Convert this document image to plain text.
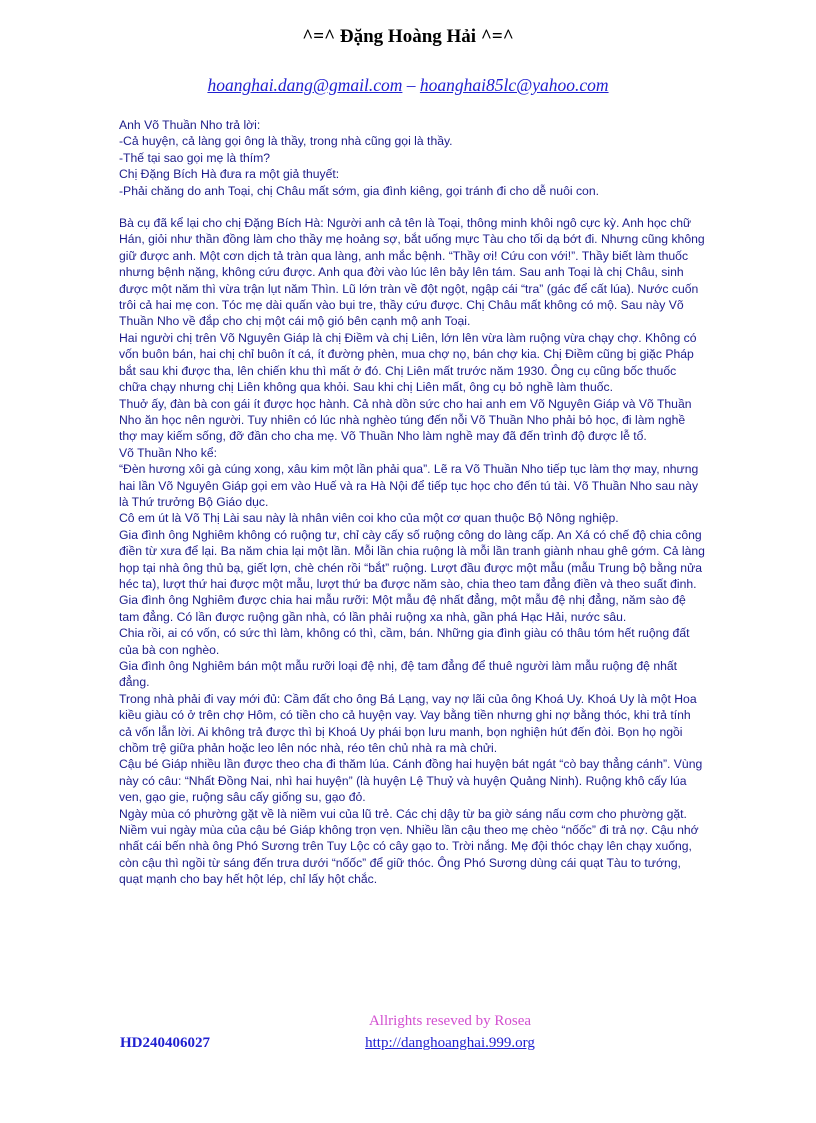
^=^ Đặng Hoàng Hải ^=^
hoanghai.dang@gmail.com – hoanghai85lc@yahoo.com

Anh Võ Thuần Nho trả lời:

-Cả huyện, cả làng gọi ông là thầy, trong nhà cũng gọi là thầy.

-Thế tại sao gọi mẹ là thím?

Chị Đặng Bích Hà đưa ra một giả thuyết:

-Phải chăng do anh Toại, chị Châu mất sớm, gia đình kiêng, gọi tránh đi cho dễ nuôi con.

Bà cụ đã kể lại cho chị Đặng Bích Hà: Người anh cả tên là Toại, thông minh khôi ngô cực kỳ. Anh học chữ Hán, giỏi như thần đồng làm cho thầy mẹ hoảng sợ, bắt uống mực Tàu cho tối dạ bớt đi. Nhưng cũng không giữ được anh. Một cơn dịch tả tràn qua làng, anh mắc bệnh. “Thầy ơi! Cứu con với!”. Thầy biết làm thuốc nhưng bệnh nặng, không cứu được. Anh qua đời vào lúc lên bảy lên tám. Sau anh Toại là chị Châu, sinh được một năm thì vừa trận lụt năm Thìn. Lũ lớn tràn về đột ngột, ngập cái “tra” (gác để cất lúa). Nước cuốn trôi cả hai mẹ con. Tóc mẹ dài quấn vào bụi tre, thầy cứu được. Chị Châu mất không có mộ. Sau này Võ Thuần Nho về đắp cho chị một cái mộ gió bên cạnh mộ anh Toại.

Hai người chị trên Võ Nguyên Giáp là chị Điềm và chị Liên, lớn lên vừa làm ruộng vừa chạy chợ. Không có vốn buôn bán, hai chị chỉ buôn ít cá, ít đường phèn, mua chợ nọ, bán chợ kia. Chị Điềm cũng bị giặc Pháp bắt sau khi được tha, lên chiến khu thì mất ở đó. Chị Liên mất trước năm 1930. Ông cụ cũng bốc thuốc chữa chạy nhưng chị Liên không qua khỏi. Sau khi chị Liên mất, ông cụ bỏ nghề làm thuốc.

Thuở ấy, đàn bà con gái ít được học hành. Cả nhà dồn sức cho hai anh em Võ Nguyên Giáp và Võ Thuần Nho ăn học nên người. Tuy nhiên có lúc nhà nghèo túng đến nỗi Võ Thuần Nho phải bỏ học, đi làm nghề thợ may kiếm sống, đỡ đần cho cha mẹ. Võ Thuần Nho làm nghề may đã đến trình độ được lễ tổ.

Võ Thuần Nho kể:

“Đèn hương xôi gà cúng xong, xâu kim một lần phải qua”. Lẽ ra Võ Thuần Nho tiếp tục làm thợ may, nhưng hai lần Võ Nguyên Giáp gọi em vào Huế và ra Hà Nội để tiếp tục học cho đến tú tài. Võ Thuần Nho sau này là Thứ trưởng Bộ Giáo dục.

Cô em út là Võ Thị Lài sau này là nhân viên coi kho của một cơ quan thuộc Bộ Nông nghiệp.

Gia đình ông Nghiêm không có ruộng tư, chỉ cày cấy số ruộng công do làng cấp. An Xá có chế độ chia công điền từ xưa để lại. Ba năm chia lại một lần. Mỗi lần chia ruộng là mỗi lần tranh giành nhau ghê gớm. Cả làng họp tại nhà ông thủ bạ, giết lợn, chè chén rồi “bắt” ruộng. Lượt đầu được một mẫu (mẫu Trung bộ bằng nửa héc ta), lượt thứ hai được một mẫu, lượt thứ ba được năm sào, chia theo tam đẳng điền và theo suất đinh.

Gia đình ông Nghiêm được chia hai mẫu rưỡi: Một mẫu đệ nhất đẳng, một mẫu đệ nhị đẳng, năm sào đệ tam đẳng. Có lần được ruộng gần nhà, có lần phải ruộng xa nhà, gần phá Hạc Hải, nước sâu.

Chia rồi, ai có vốn, có sức thì làm, không có thì, cầm, bán. Những gia đình giàu có thâu tóm hết ruộng đất của bà con nghèo.

Gia đình ông Nghiêm bán một mẫu rưỡi loại đệ nhị, đệ tam đẳng để thuê người làm mẫu ruộng đệ nhất đẳng.

Trong nhà phải đi vay mới đủ: Cầm đất cho ông Bá Lạng, vay nợ lãi của ông Khoá Uy. Khoá Uy là một Hoa kiều giàu có ở trên chợ Hôm, có tiền cho cả huyện vay. Vay bằng tiền nhưng ghi nợ bằng thóc, khi trả tính cả vốn lẫn lời. Ai không trả được thì bị Khoá Uy phái bọn lưu manh, bọn nghiện hút đến đòi. Bọn họ ngồi chồm trệ giữa phản hoặc leo lên nóc nhà, réo tên chủ nhà ra mà chửi.

Cậu bé Giáp nhiều lần được theo cha đi thăm lúa. Cánh đồng hai huyện bát ngát “cò bay thẳng cánh”. Vùng này có câu: “Nhất Đồng Nai, nhì hai huyện” (là huyện Lệ Thuỷ và huyện Quảng Ninh). Ruộng khô cấy lúa ven, gạo gie, ruộng sâu cấy giống su, gạo đỏ.

Ngày mùa có phường gặt về là niềm vui của lũ trẻ. Các chị dậy từ ba giờ sáng nấu cơm cho phường gặt.

Niềm vui ngày mùa của cậu bé Giáp không trọn vẹn. Nhiều lần cậu theo mẹ chèo “nốốc” đi trả nợ. Cậu nhớ nhất cái bến nhà ông Phó Sương trên Tuy Lộc có cây gạo to. Trời nắng. Mẹ đội thóc chạy lên chạy xuống, còn cậu thì ngồi từ sáng đến trưa dưới “nốốc” để giữ thóc. Ông Phó Sương dùng cái quạt Tàu to tướng, quạt mạnh cho bay hết hột lép, chỉ lấy hột chắc.

Allrights reseved by Rosea
HD240406027	http://danghoanghai.999.org
